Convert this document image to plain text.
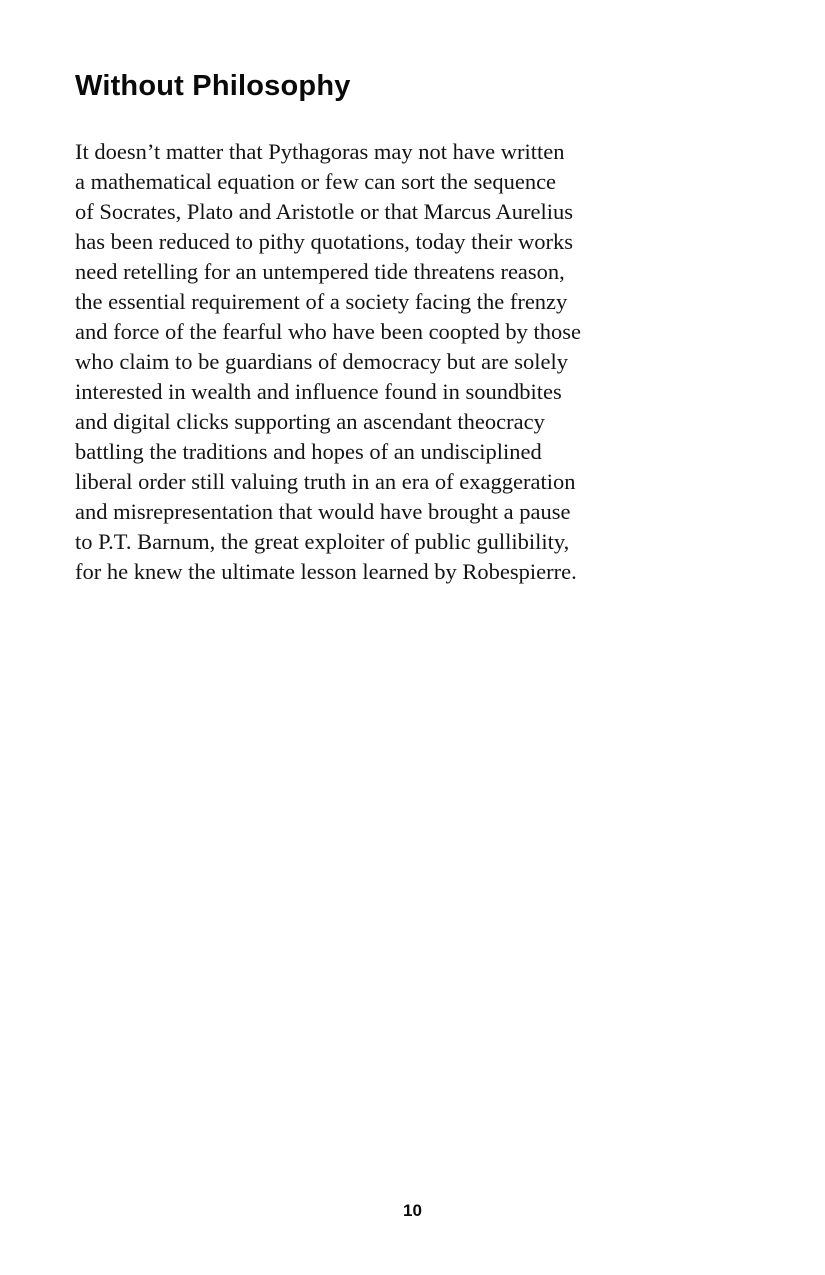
Without Philosophy
It doesn’t matter that Pythagoras may not have written
a mathematical equation or few can sort the sequence
of Socrates, Plato and Aristotle or that Marcus Aurelius
has been reduced to pithy quotations, today their works
need retelling for an untempered tide threatens reason,
the essential requirement of a society facing the frenzy
and force of the fearful who have been coopted by those
who claim to be guardians of democracy but are solely
interested in wealth and influence found in soundbites
and digital clicks supporting an ascendant theocracy
battling the traditions and hopes of an undisciplined
liberal order still valuing truth in an era of exaggeration
and misrepresentation that would have brought a pause
to P.T. Barnum, the great exploiter of public gullibility,
for he knew the ultimate lesson learned by Robespierre.
10
